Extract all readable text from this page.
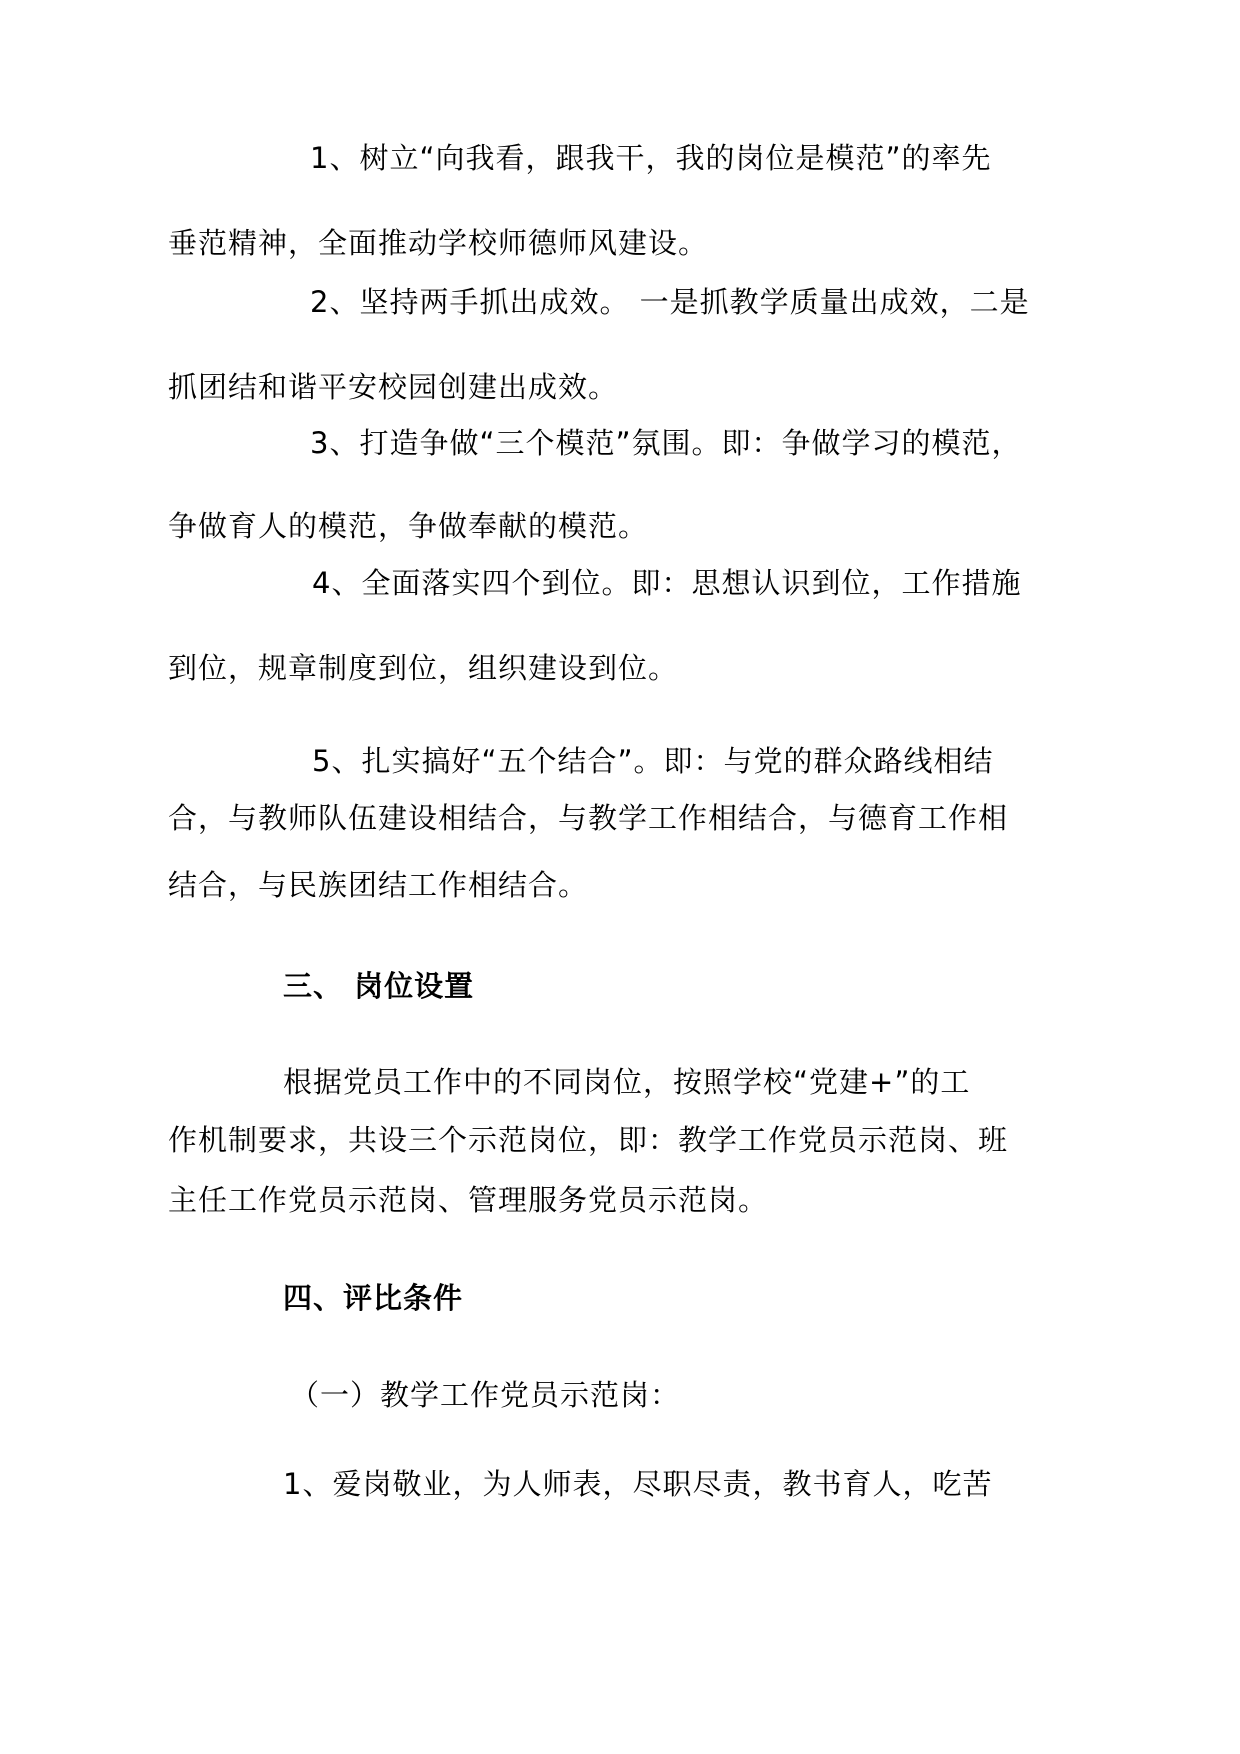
1、树立“向我看，跟我干，我的岗位是模范”的率先
垂范精神，全面推动学校师德师风建设。
2、坚持两手抓出成效。 一是抓教学质量出成效，二是
抓团结和谐平安校园创建出成效。
3、打造争做“三个模范”氛围。即：争做学习的模范，
争做育人的模范，争做奉献的模范。
4、全面落实四个到位。即：思想认识到位，工作措施
到位，规章制度到位，组织建设到位。
5、扎实搞好“五个结合”。即：与党的群众路线相结
合，与教师队伍建设相结合，与教学工作相结合，与德育工作相
结合，与民族团结工作相结合。
三、 岗位设置
根据党员工作中的不同岗位，按照学校“党建+”的工
作机制要求，共设三个示范岗位，即：教学工作党员示范岗、班
主任工作党员示范岗、管理服务党员示范岗。
四、评比条件
（一）教学工作党员示范岗：
1、爱岗敬业，为人师表，尽职尽责，教书育人，吃苦
